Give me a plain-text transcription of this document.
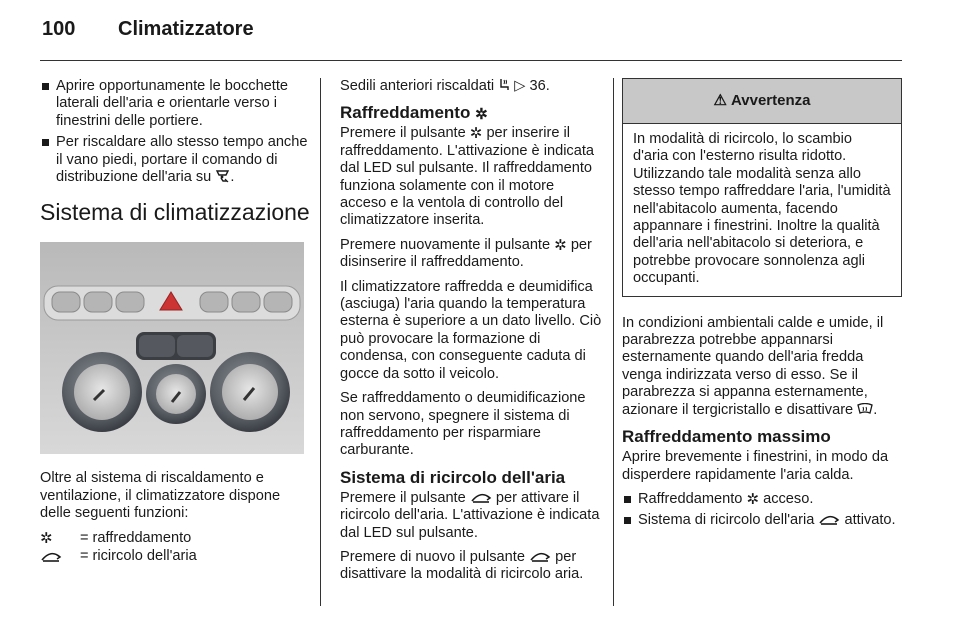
100	Climatizzatore
Aprire opportunamente le bocchette laterali dell'aria e orientarle verso i finestrini delle portiere.
Per riscaldare allo stesso tempo anche il vano piedi, portare il comando di distribuzione dell'aria su .
Sistema di climatizzazione

Oltre al sistema di riscaldamento e ventilazione, il climatizzatore dispone delle seguenti funzioni:

✲ = raffreddamento
= ricircolo dell'aria

Sedili anteriori riscaldati ▷ 36.

Raffreddamento ✲

Premere il pulsante ✲ per inserire il raffreddamento. L'attivazione è indicata dal LED sul pulsante. Il raffreddamento funziona solamente con il motore acceso e la ventola di controllo del climatizzatore inserita.

Premere nuovamente il pulsante ✲ per disinserire il raffreddamento.

Il climatizzatore raffredda e deumidifica (asciuga) l'aria quando la temperatura esterna è superiore a un dato livello. Ciò può provocare la formazione di condensa, con conseguente caduta di gocce da sotto il veicolo.

Se raffreddamento o deumidificazione non servono, spegnere il sistema di raffreddamento per risparmiare carburante.

Sistema di ricircolo dell'aria

Premere il pulsante per attivare il ricircolo dell'aria. L'attivazione è indicata dal LED sul pulsante.

Premere di nuovo il pulsante per disattivare la modalità di ricircolo aria.

⚠ Avvertenza
In modalità di ricircolo, lo scambio d'aria con l'esterno risulta ridotto. Utilizzando tale modalità senza allo stesso tempo raffreddare l'aria, l'umidità nell'abitacolo aumenta, facendo appannare i finestrini. Inoltre la qualità dell'aria nell'abitacolo si deteriora, e potrebbe provocare sonnolenza agli occupanti.

In condizioni ambientali calde e umide, il parabrezza potrebbe appannarsi esternamente quando dell'aria fredda venga indirizzata verso di esso. Se il parabrezza si appanna esternamente, azionare il tergicristallo e disattivare .

Raffreddamento massimo

Aprire brevemente i finestrini, in modo da disperdere rapidamente l'aria calda.

Raffreddamento ✲ acceso.
Sistema di ricircolo dell'aria attivato.
